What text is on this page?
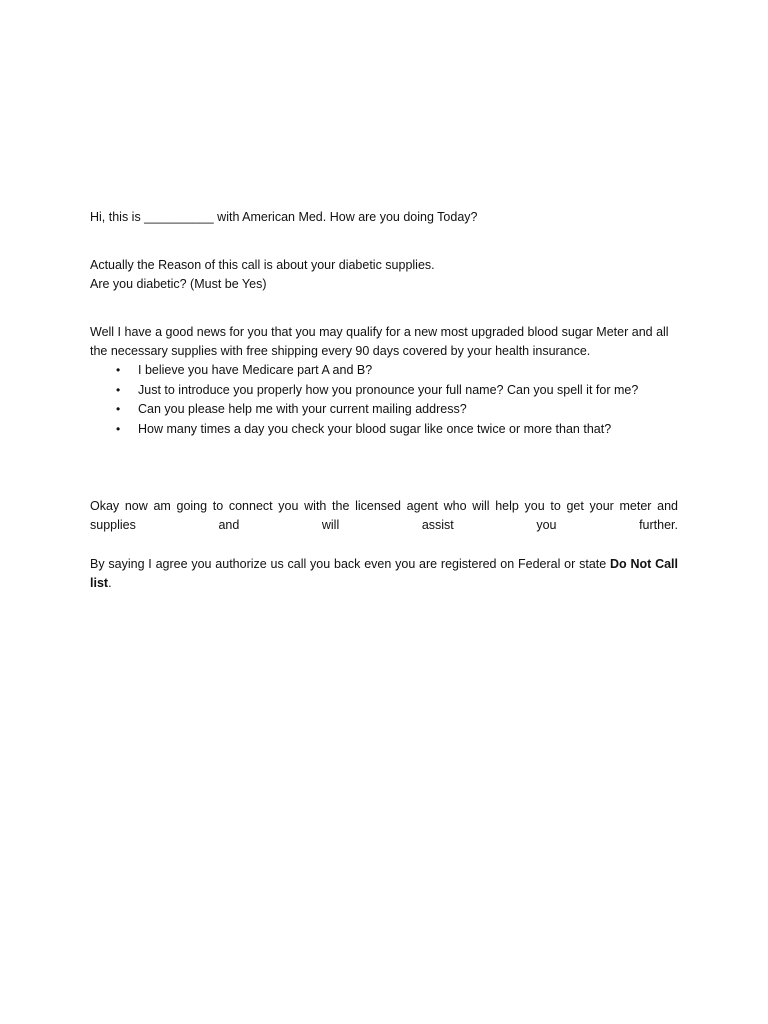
Hi, this is __________ with American Med. How are you doing Today?

Actually the Reason of this call is about your diabetic supplies.
Are you diabetic? (Must be Yes)

Well I have a good news for you that you may qualify for a new most upgraded blood sugar Meter and all the necessary supplies with free shipping every 90 days covered by your health insurance.

• I believe you have Medicare part A and B?
• Just to introduce you properly how you pronounce your full name? Can you spell it for me?
• Can you please help me with your current mailing address?
• How many times a day you check your blood sugar like once twice or more than that?

Okay now am going to connect you with the licensed agent who will help you to get your meter and supplies and will assist you further.

By saying I agree you authorize us call you back even you are registered on Federal or state Do Not Call list.
